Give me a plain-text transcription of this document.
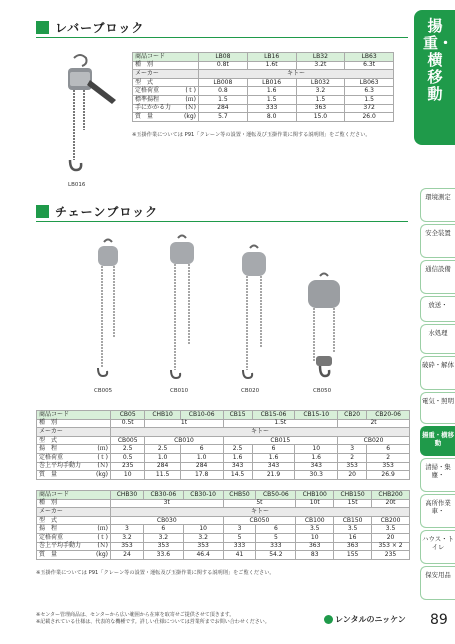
レバーブロック
LB016
商品コード	LB08	LB16	LB32	LB63
種　別	0.8t	1.6t	3.2t	6.3t
メーカー	キトー			
型　式	LB008	LB016	LB032	LB063
定格荷重 (ｔ)	0.8	1.6	3.2	6.3
標準揚程 (ｍ)	1.5	1.5	1.5	1.5
手にかかる力 (Ｎ)	284	333	363	372
質　量 (kg)	5.7	8.0	15.0	26.0
※玉掛作業については P91「クレーン等の設置・運転及び玉掛作業に関する説明則」をご覧ください。
チェーンブロック
CB005	CB010	CB020	CB050
商品コード	CB05	CHB10	CB10-06	CB15	CB15-06	CB15-10	CB20	CB20-06
種　別	0.5t	1t		1.5t			2t	
メーカー	キトー							
型　式	CB005	CB010		CB015			CB020	
揚　程 (ｍ)	2.5	2.5	6	2.5	6	10	3	6
定格荷重 (ｔ)	0.5	1.0	1.0	1.6	1.6	1.6	2	2
巻上平均手動力 (Ｎ)	235	284	284	343	343	343	353	353
質　量 (kg)	10	11.5	17.8	14.5	21.9	30.3	20	26.9
商品コード	CHB30	CB30-06	CB30-10	CHB50	CB50-06	CHB100	CHB150	CHB200
種　別	3t			5t		10t	15t	20t
メーカー	キトー							
型　式	CB030			CB050		CB100	CB150	CB200
揚　程 (ｍ)	3	6	10	3	6	3.5	3.5	3.5
定格荷重 (ｔ)	3.2	3.2	3.2	5	5	10	16	20
巻上平均手動力 (Ｎ)	353	353	353	333	333	363	363	353 × 2
質　量 (kg)	24	33.6	46.4	41	54.2	83	155	235
※玉掛作業については P91「クレーン等の設置・運転及び玉掛作業に関する説明則」をご覧ください。
揚重・横移動
環境測定
安全装置
通信設備
放送・
水処理
破砕・解体
電気・照明
揚重・横移動
清掃・集塵・
高所作業車・
ハウス・トイレ
保安用品
※センター管理商品は、センターから広い範囲から在庫を取寄せご提供させて頂きます。
※記載されている仕様は、代表的な機種です。詳しい仕様については営業所までお問い合わせください。	レンタルのニッケン 89
